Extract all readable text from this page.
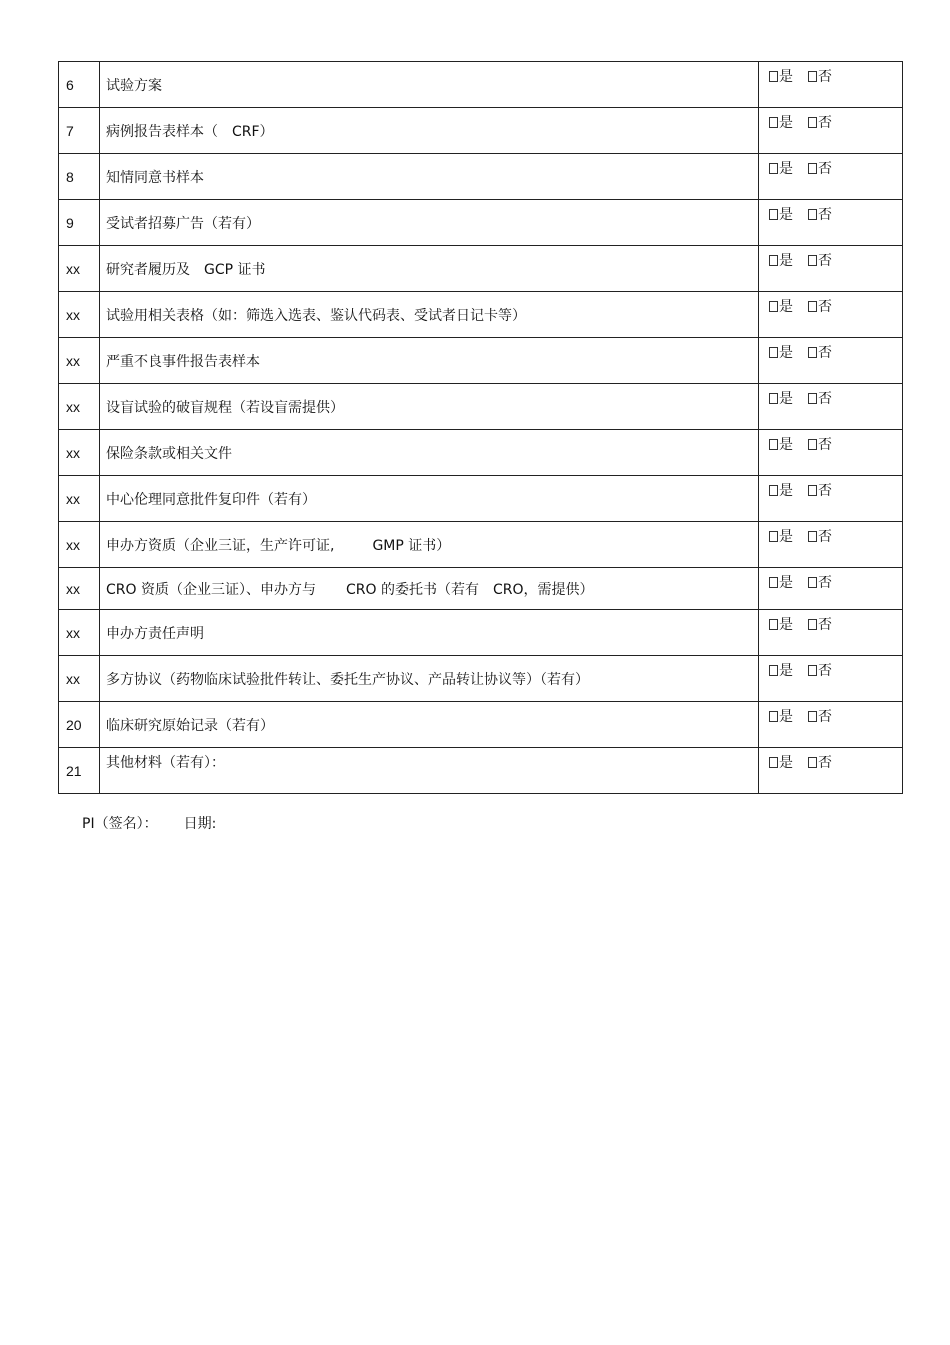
6	试验方案	是 否

7	病例报告表样本（ CRF）	是 否

8	知情同意书样本	是 否

9	受试者招募广告（若有）	是 否

xx	研究者履历及 GCP 证书	是 否

xx	试验用相关表格（如：筛选入选表、鉴认代码表、受试者日记卡等）	是 否

xx	严重不良事件报告表样本	是 否

xx	设盲试验的破盲规程（若设盲需提供）	是 否

xx	保险条款或相关文件	是 否

xx	中心伦理同意批件复印件（若有）	是 否

xx	申办方资质（企业三证，生产许可证, GMP 证书）	是 否

xx	CRO 资质（企业三证）、申办方与 CRO 的委托书（若有 CRO，需提供）	是 否

xx	申办方责任声明	是 否

xx	多方协议（药物临床试验批件转让、委托生产协议、产品转让协议等）（若有）	是 否

20	临床研究原始记录（若有）	是 否

21	其他材料（若有）：	是 否
PI（签名）： 日期:
